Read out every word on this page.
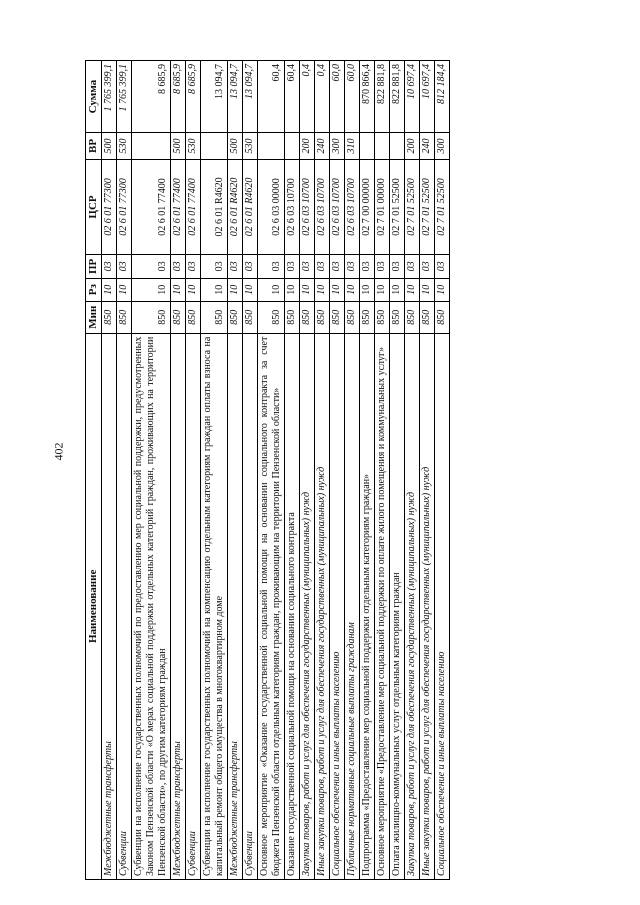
402
Наименование	Мин	Рз	ПР	ЦСР	ВР	Сумма
Межбюджетные трансферты	850	10	03	02 6 01 77300	500	1 765 399,1
Субвенции	850	10	03	02 6 01 77300	530	1 765 399,1
Субвенции на исполнение государственных полномочий по предоставлению мер социальной поддержки, предусмотренных Законом Пензенской области «О мерах социальной поддержки отдельных категорий граждан, проживающих на территории Пензенской области», по другим категориям граждан	850	10	03	02 6 01 77400		8 685,9
Межбюджетные трансферты	850	10	03	02 6 01 77400	500	8 685,9
Субвенции	850	10	03	02 6 01 77400	530	8 685,9
Субвенции на исполнение государственных полномочий на компенсацию отдельным категориям граждан оплаты взноса на капитальный ремонт общего имущества в многоквартирном доме	850	10	03	02 6 01 R4620		13 094,7
Межбюджетные трансферты	850	10	03	02 6 01 R4620	500	13 094,7
Субвенции	850	10	03	02 6 01 R4620	530	13 094,7
Основное мероприятие «Оказание государственной социальной помощи на основании социального контракта за счет бюджета Пензенской области отдельным категориям граждан, проживающим на территории Пензенской области»	850	10	03	02 6 03 00000		60,4
Оказание государственной социальной помощи на основании социального контракта	850	10	03	02 6 03 10700		60,4
Закупка товаров, работ и услуг для обеспечения государственных (муниципальных) нужд	850	10	03	02 6 03 10700	200	0,4
Иные закупки товаров, работ и услуг для обеспечения государственных (муниципальных) нужд	850	10	03	02 6 03 10700	240	0,4
Социальное обеспечение и иные выплаты населению	850	10	03	02 6 03 10700	300	60,0
Публичные нормативные социальные выплаты гражданам	850	10	03	02 6 03 10700	310	60,0
Подпрограмма «Предоставление мер социальной поддержки отдельным категориям граждан»	850	10	03	02 7 00 00000		870 866,4
Основное мероприятие «Предоставление мер социальной поддержки по оплате жилого помещения и коммунальных услуг»	850	10	03	02 7 01 00000		822 881,8
Оплата жилищно-коммунальных услуг отдельным категориям граждан	850	10	03	02 7 01 52500		822 881,8
Закупка товаров, работ и услуг для обеспечения государственных (муниципальных) нужд	850	10	03	02 7 01 52500	200	10 697,4
Иные закупки товаров, работ и услуг для обеспечения государственных (муниципальных) нужд	850	10	03	02 7 01 52500	240	10 697,4
Социальное обеспечение и иные выплаты населению	850	10	03	02 7 01 52500	300	812 184,4
